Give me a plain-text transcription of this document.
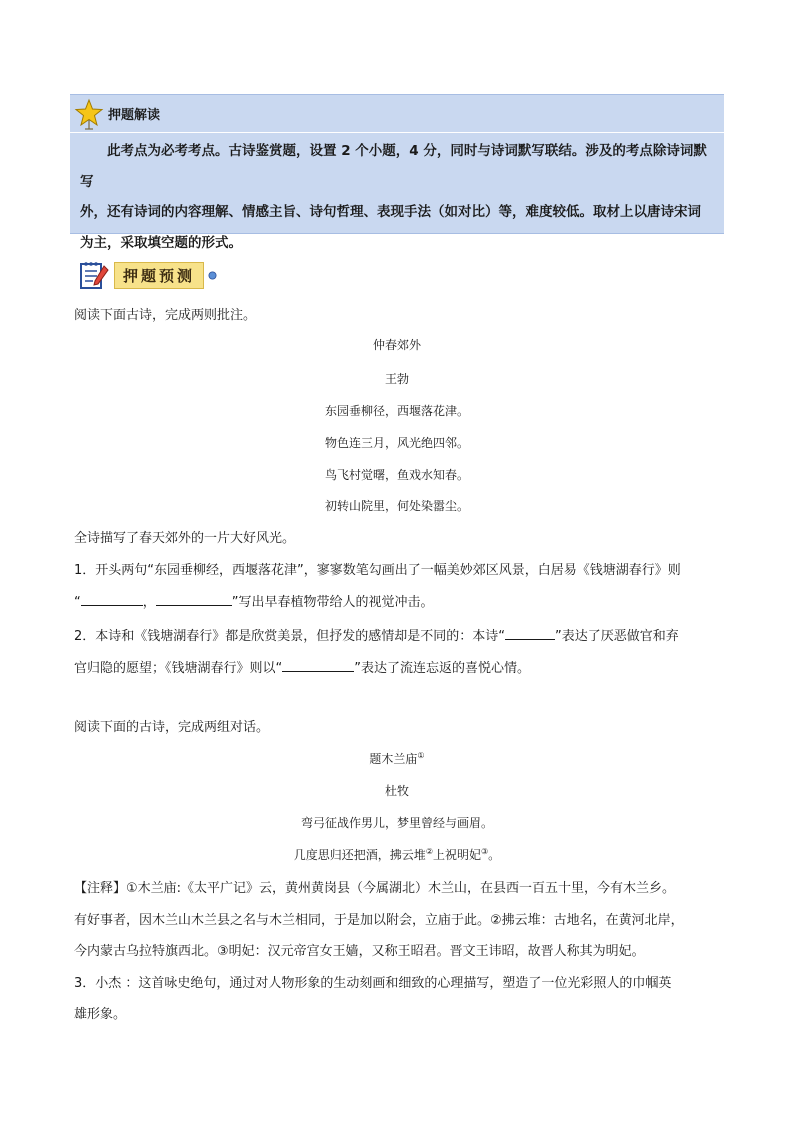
押题解读
此考点为必考考点。古诗鉴赏题，设置 2 个小题，4 分，同时与诗词默写联结。涉及的考点除诗词默写
外，还有诗词的内容理解、情感主旨、诗句哲理、表现手法（如对比）等，难度较低。取材上以唐诗宋词
为主，采取填空题的形式。
押题预测
阅读下面古诗，完成两则批注。
仲春郊外
王勃
东园垂柳径，西堰落花津。
物色连三月，风光绝四邻。
鸟飞村觉曙，鱼戏水知春。
初转山院里，何处染嚣尘。
全诗描写了春天郊外的一片大好风光。
1．开头两句“东园垂柳经，西堰落花津”，寥寥数笔勾画出了一幅美妙郊区风景，白居易《钱塘湖春行》则
“	，	”写出早春植物带给人的视觉冲击。
2．本诗和《钱塘湖春行》都是欣赏美景，但抒发的感情却是不同的：本诗“	”表达了厌恶做官和弃
官归隐的愿望；《钱塘湖春行》则以“	”表达了流连忘返的喜悦心情。
阅读下面的古诗，完成两组对话。
题木兰庙①
杜牧
弯弓征战作男儿，梦里曾经与画眉。
几度思归还把酒，拂云堆②上祝明妃③。
【注释】①木兰庙:《太平广记》云，黄州黄岗县（今属湖北）木兰山，在县西一百五十里，今有木兰乡。
有好事者，因木兰山木兰县之名与木兰相同，于是加以附会，立庙于此。②拂云堆：古地名，在黄河北岸，
今内蒙古乌拉特旗西北。③明妃：汉元帝宫女王嫱，又称王昭君。晋文王讳昭，故晋人称其为明妃。
3．小杰 ：这首咏史绝句，通过对人物形象的生动刻画和细致的心理描写，塑造了一位光彩照人的巾帼英
雄形象。
